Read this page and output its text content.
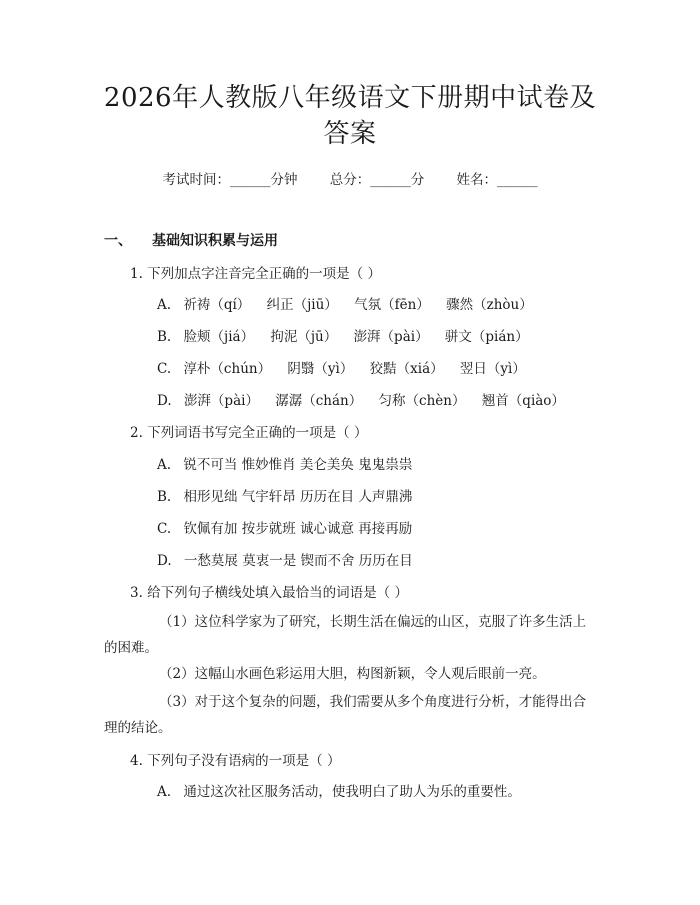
2026年人教版八年级语文下册期中试卷及答案
考试时间：______分钟 总分：______分 姓名：______
一、 基础知识积累与运用
1. 下列加点字注音完全正确的一项是（ ）
A. 祈祷（qí） 纠正（jiū） 气氛（fēn） 骤然（zhòu）
B. 脸颊（jiá） 拘泥（jū） 澎湃（pài） 骈文（pián）
C. 淳朴（chún） 阴翳（yì） 狡黠（xiá） 翌日（yì）
D. 澎湃（pài） 潺潺（chán） 匀称（chèn） 翘首（qiào）
2. 下列词语书写完全正确的一项是（ ）
A. 锐不可当 惟妙惟肖 美仑美奂 鬼鬼祟祟
B. 相形见绌 气宇轩昂 历历在目 人声鼎沸
C. 钦佩有加 按步就班 诚心诚意 再接再励
D. 一愁莫展 莫衷一是 锲而不舍 历历在目
3. 给下列句子横线处填入最恰当的词语是（ ）
（1）这位科学家为了研究，长期生活在偏远的山区，克服了许多生活上的困难。
（2）这幅山水画色彩运用大胆，构图新颖，令人观后眼前一亮。
（3）对于这个复杂的问题，我们需要从多个角度进行分析，才能得出合理的结论。
4. 下列句子没有语病的一项是（ ）
A. 通过这次社区服务活动，使我明白了助人为乐的重要性。
